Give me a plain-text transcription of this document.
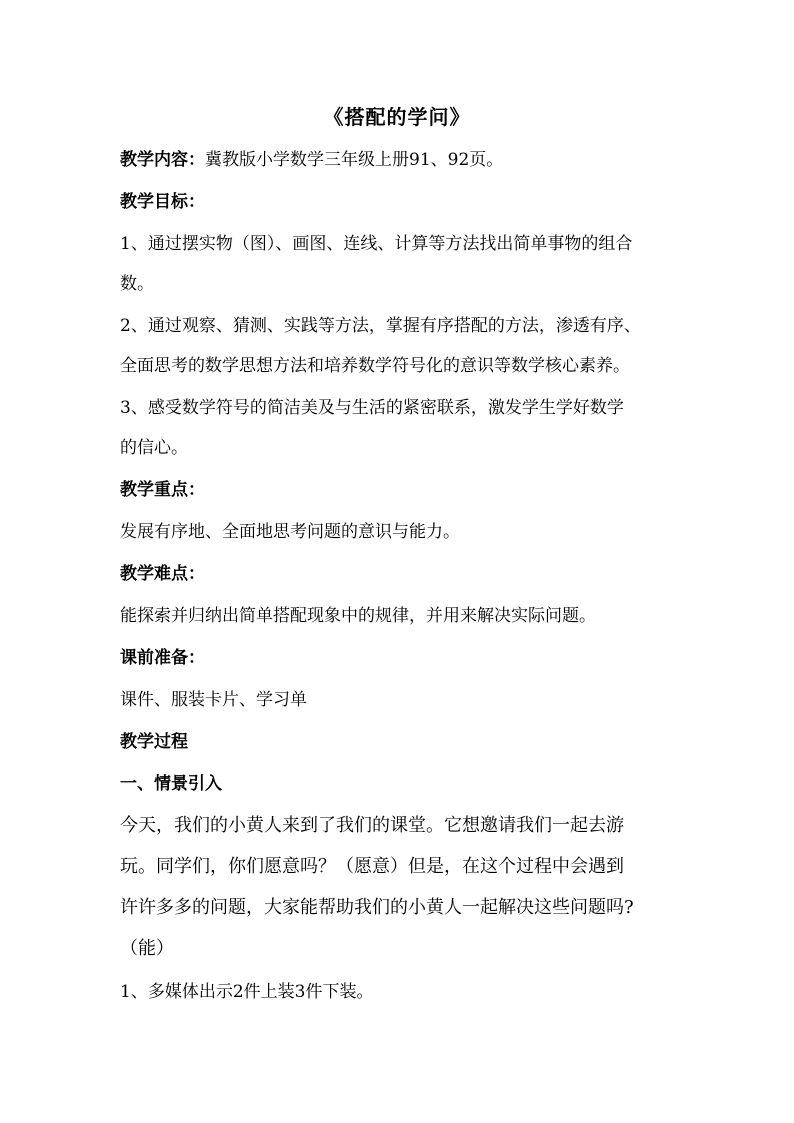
《搭配的学问》
教学内容：冀教版小学数学三年级上册91、92页。
教学目标：
1、通过摆实物（图）、画图、连线、计算等方法找出简单事物的组合
数。
2、通过观察、猜测、实践等方法，掌握有序搭配的方法，渗透有序、
全面思考的数学思想方法和培养数学符号化的意识等数学核心素养。
3、感受数学符号的简洁美及与生活的紧密联系，激发学生学好数学
的信心。
教学重点：
发展有序地、全面地思考问题的意识与能力。
教学难点：
能探索并归纳出简单搭配现象中的规律，并用来解决实际问题。
课前准备：
课件、服装卡片、学习单
教学过程
一、情景引入
今天，我们的小黄人来到了我们的课堂。它想邀请我们一起去游
玩。同学们，你们愿意吗？（愿意）但是，在这个过程中会遇到
许许多多的问题，大家能帮助我们的小黄人一起解决这些问题吗?
（能）
1、多媒体出示2件上装3件下装。
